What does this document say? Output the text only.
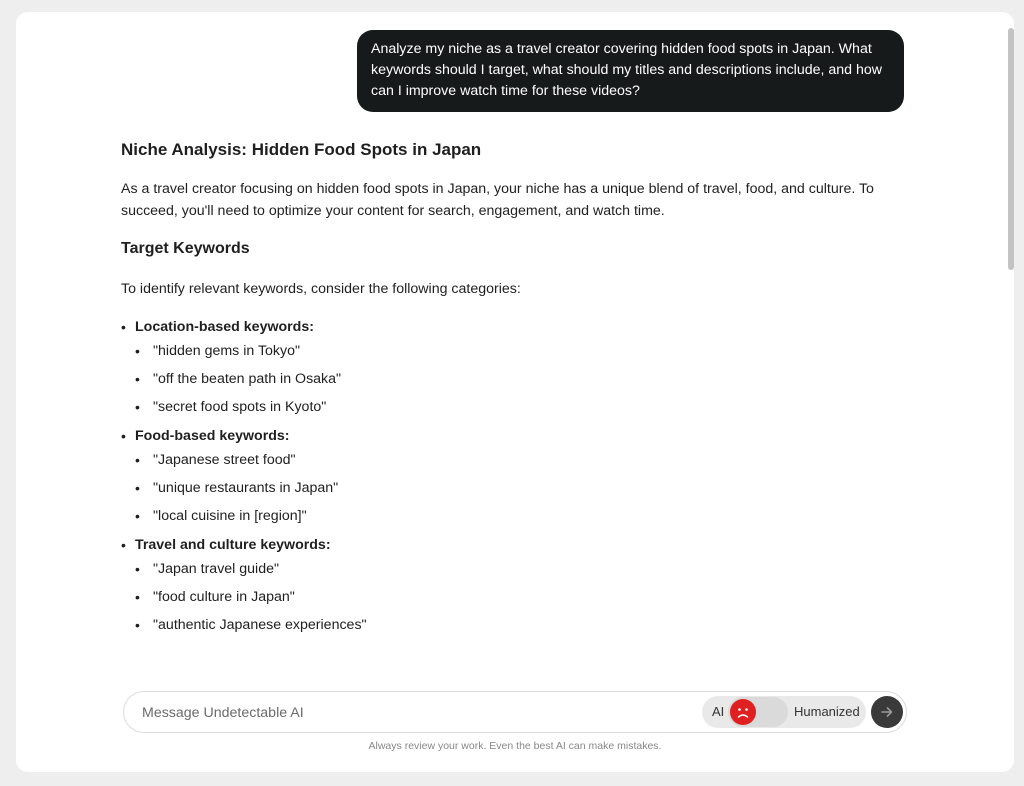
Analyze my niche as a travel creator covering hidden food spots in Japan. What keywords should I target, what should my titles and descriptions include, and how can I improve watch time for these videos?
Niche Analysis: Hidden Food Spots in Japan

As a travel creator focusing on hidden food spots in Japan, your niche has a unique blend of travel, food, and culture. To succeed, you'll need to optimize your content for search, engagement, and watch time.

Target Keywords

To identify relevant keywords, consider the following categories:

• Location-based keywords:
• "hidden gems in Tokyo"
• "off the beaten path in Osaka"
• "secret food spots in Kyoto"
• Food-based keywords:
• "Japanese street food"
• "unique restaurants in Japan"
• "local cuisine in [region]"
• Travel and culture keywords:
• "Japan travel guide"
• "food culture in Japan"
• "authentic Japanese experiences"
Message Undetectable AI
AI	Humanized
Always review your work. Even the best AI can make mistakes.
